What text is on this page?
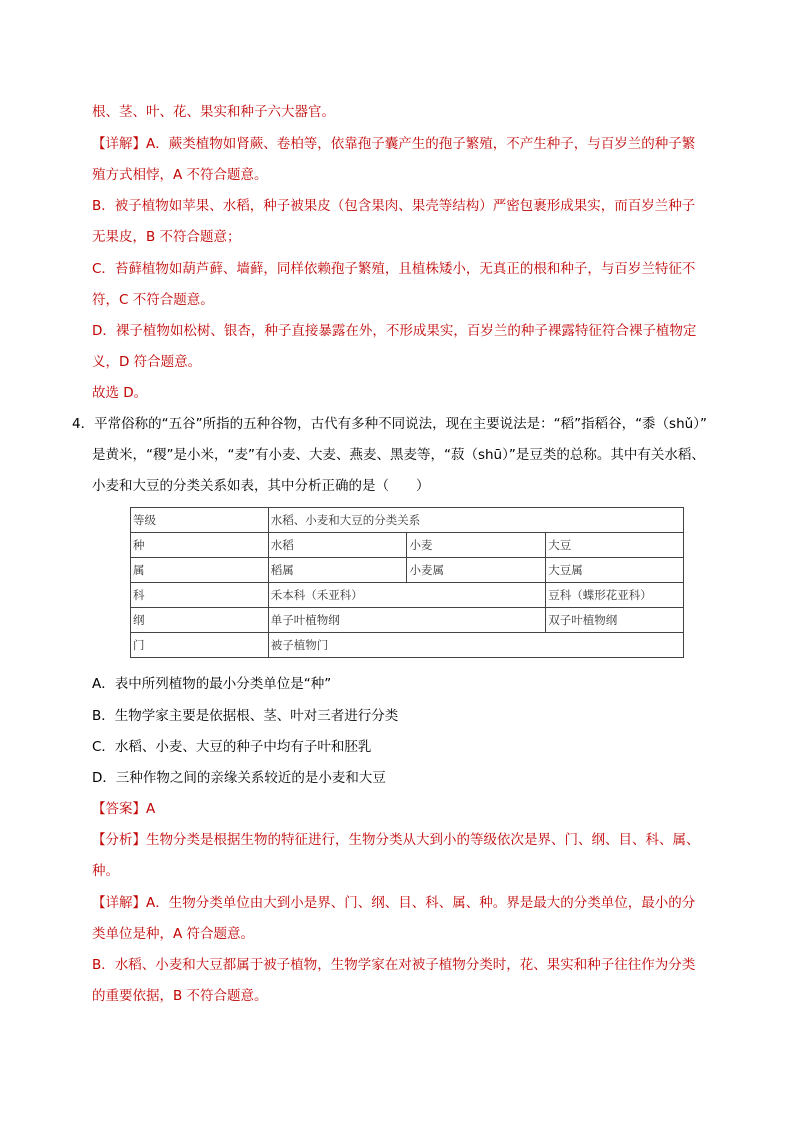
根、茎、叶、花、果实和种子六大器官。
【详解】A．蕨类植物如肾蕨、卷柏等，依靠孢子囊产生的孢子繁殖，不产生种子，与百岁兰的种子繁
殖方式相悖，A 不符合题意。
B．被子植物如苹果、水稻，种子被果皮（包含果肉、果壳等结构）严密包裹形成果实，而百岁兰种子
无果皮，B 不符合题意；
C．苔藓植物如葫芦藓、墙藓，同样依赖孢子繁殖，且植株矮小，无真正的根和种子，与百岁兰特征不
符，C 不符合题意。
D．裸子植物如松树、银杏，种子直接暴露在外，不形成果实，百岁兰的种子裸露特征符合裸子植物定
义，D 符合题意。
故选 D。
4．平常俗称的“五谷”所指的五种谷物，古代有多种不同说法，现在主要说法是：“稻”指稻谷，“黍（shǔ）”
是黄米，“稷”是小米，“麦”有小麦、大麦、燕麦、黑麦等，“菽（shū）”是豆类的总称。其中有关水稻、
小麦和大豆的分类关系如表，其中分析正确的是（　　）
等级	水稻、小麦和大豆的分类关系		
种	水稻	小麦	大豆
属	稻属	小麦属	大豆属
科	禾本科（禾亚科）		豆科（蝶形花亚科）
纲	单子叶植物纲		双子叶植物纲
门	被子植物门		
A．表中所列植物的最小分类单位是“种”
B．生物学家主要是依据根、茎、叶对三者进行分类
C．水稻、小麦、大豆的种子中均有子叶和胚乳
D．三种作物之间的亲缘关系较近的是小麦和大豆
【答案】A
【分析】生物分类是根据生物的特征进行，生物分类从大到小的等级依次是界、门、纲、目、科、属、
种。
【详解】A．生物分类单位由大到小是界、门、纲、目、科、属、种。界是最大的分类单位，最小的分
类单位是种，A 符合题意。
B．水稻、小麦和大豆都属于被子植物，生物学家在对被子植物分类时，花、果实和种子往往作为分类
的重要依据，B 不符合题意。
